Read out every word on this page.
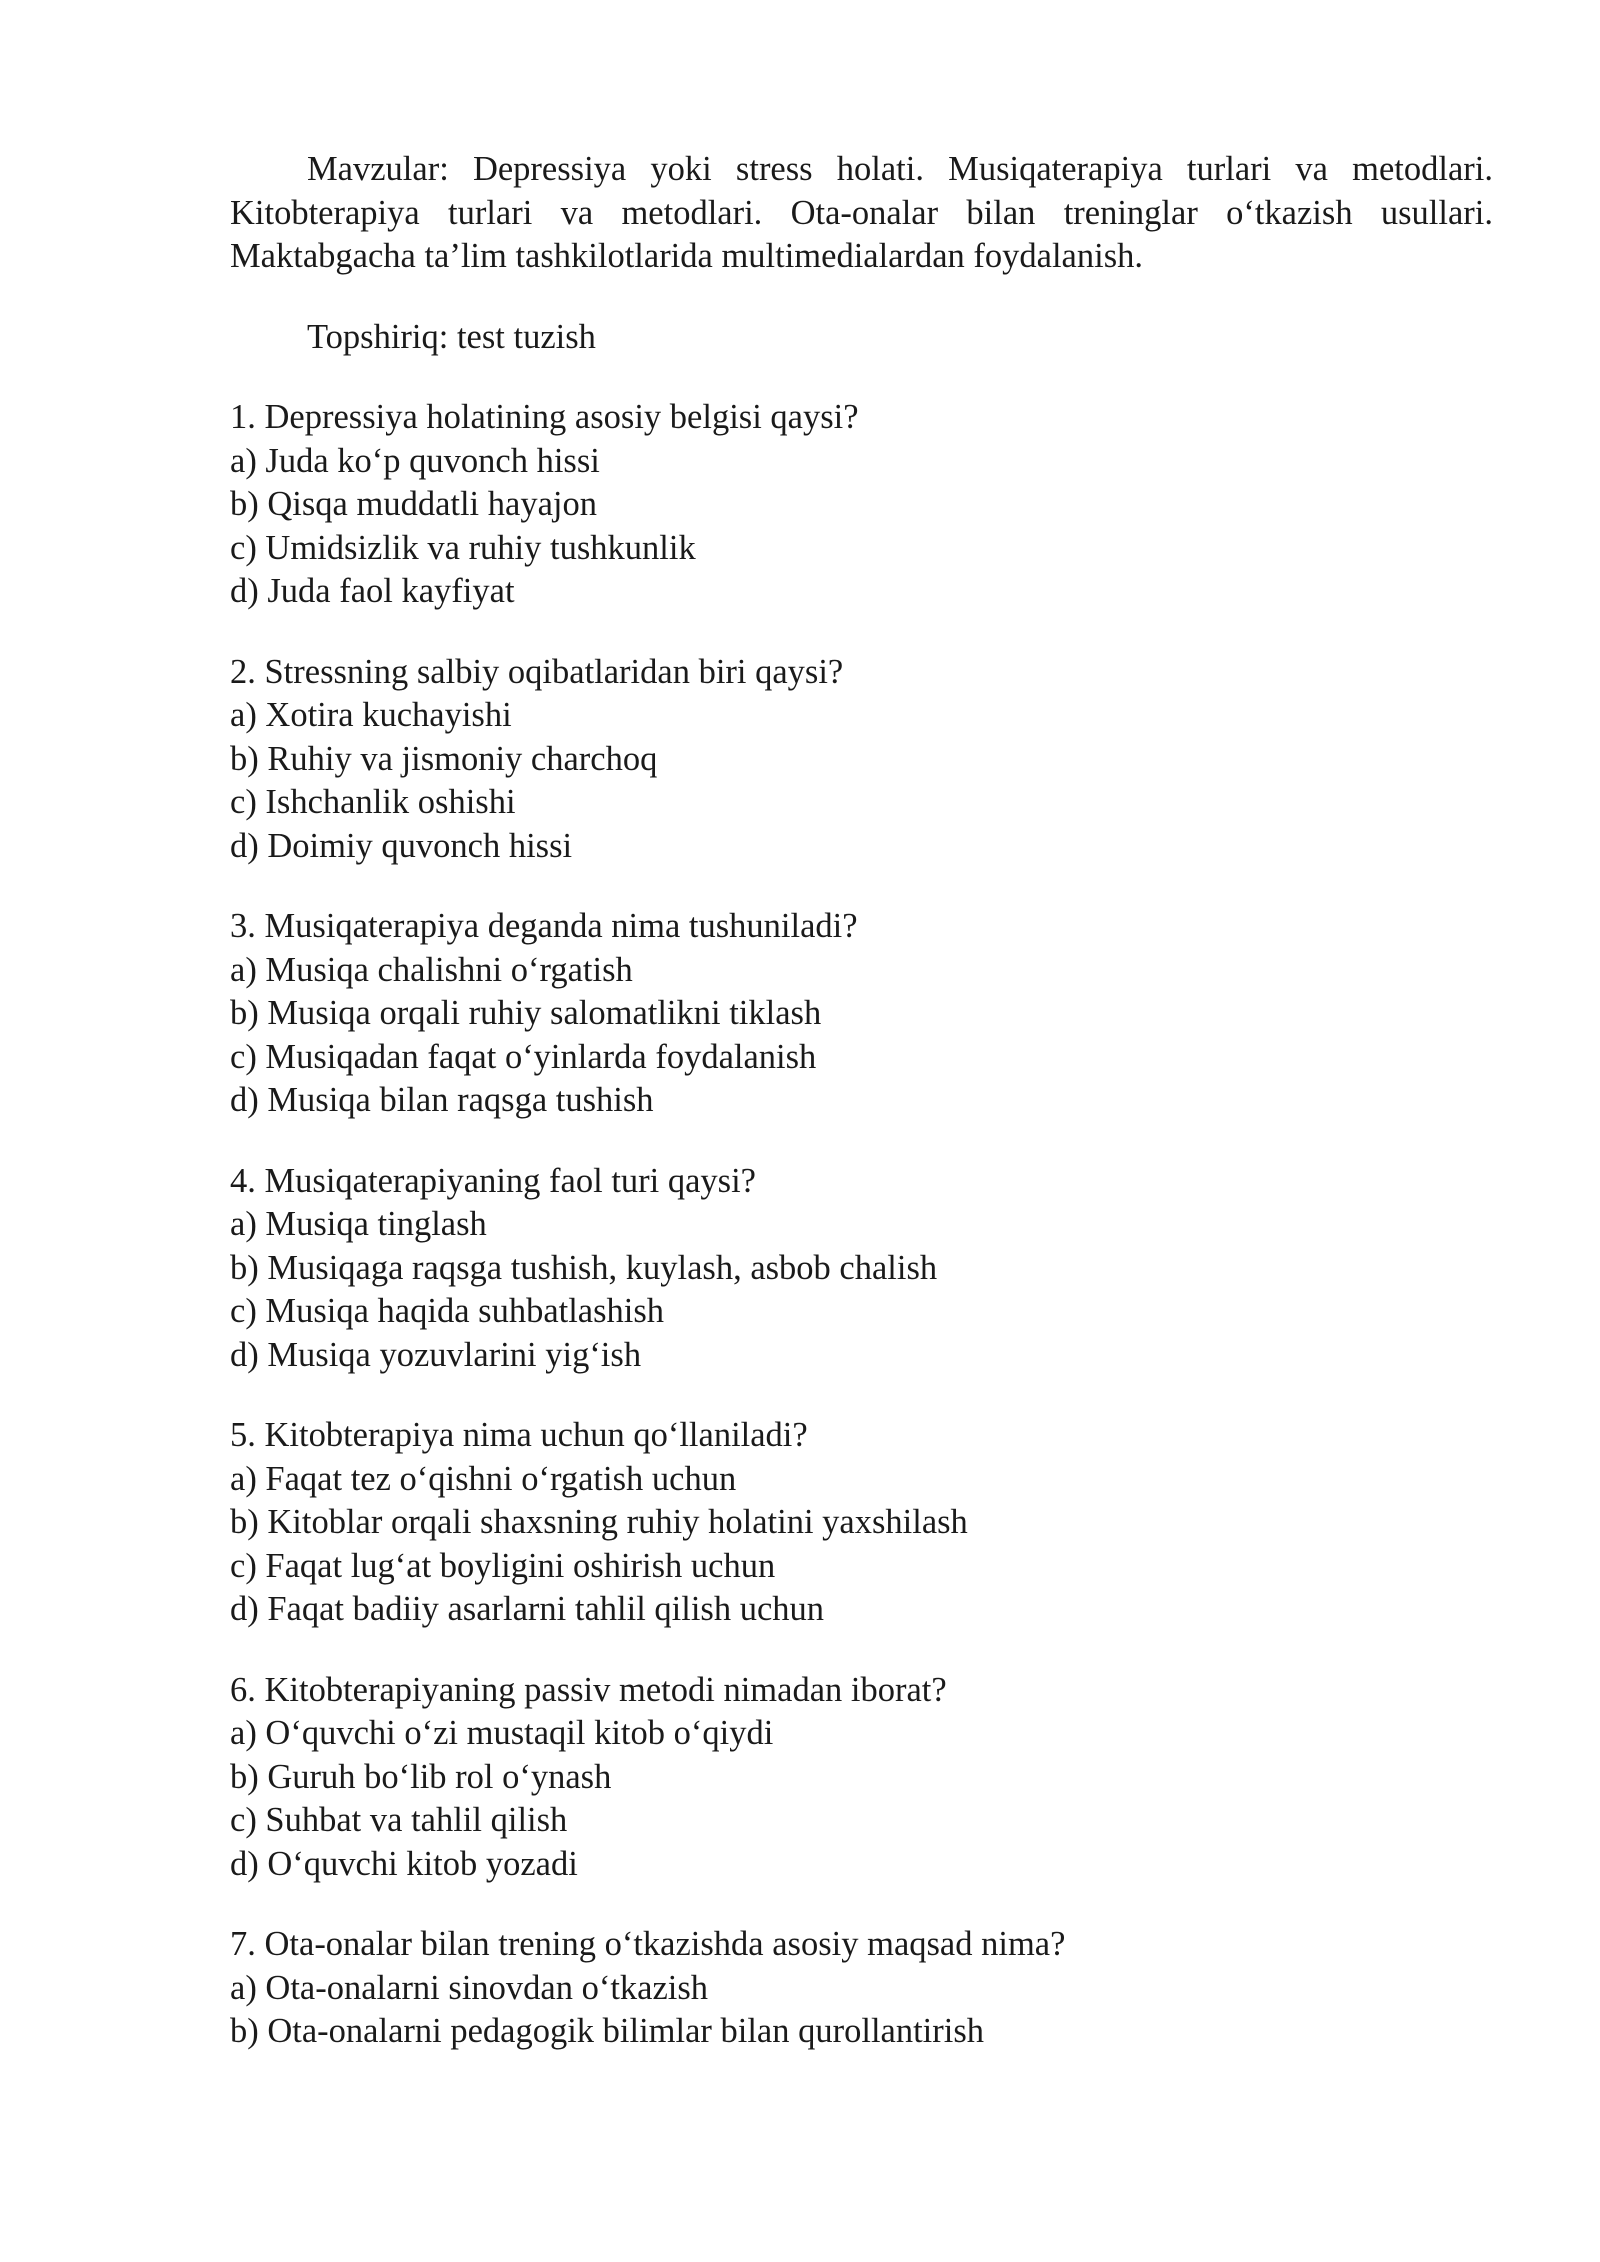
Mavzular: Depressiya yoki stress holati. Musiqaterapiya turlari va metodlari. Kitobterapiya turlari va metodlari. Ota-onalar bilan treninglar o‘tkazish usullari. Maktabgacha ta’lim tashkilotlarida multimedialardan foydalanish.

Topshiriq: test tuzish

1. Depressiya holatining asosiy belgisi qaysi?

a) Juda ko‘p quvonch hissi

b) Qisqa muddatli hayajon

c) Umidsizlik va ruhiy tushkunlik

d) Juda faol kayfiyat

2. Stressning salbiy oqibatlaridan biri qaysi?

a) Xotira kuchayishi

b) Ruhiy va jismoniy charchoq

c) Ishchanlik oshishi

d) Doimiy quvonch hissi

3. Musiqaterapiya deganda nima tushuniladi?

a) Musiqa chalishni o‘rgatish

b) Musiqa orqali ruhiy salomatlikni tiklash

c) Musiqadan faqat o‘yinlarda foydalanish

d) Musiqa bilan raqsga tushish

4. Musiqaterapiyaning faol turi qaysi?

a) Musiqa tinglash

b) Musiqaga raqsga tushish, kuylash, asbob chalish

c) Musiqa haqida suhbatlashish

d) Musiqa yozuvlarini yig‘ish

5. Kitobterapiya nima uchun qo‘llaniladi?

a) Faqat tez o‘qishni o‘rgatish uchun

b) Kitoblar orqali shaxsning ruhiy holatini yaxshilash

c) Faqat lug‘at boyligini oshirish uchun

d) Faqat badiiy asarlarni tahlil qilish uchun

6. Kitobterapiyaning passiv metodi nimadan iborat?

a) O‘quvchi o‘zi mustaqil kitob o‘qiydi

b) Guruh bo‘lib rol o‘ynash

c) Suhbat va tahlil qilish

d) O‘quvchi kitob yozadi

7. Ota-onalar bilan trening o‘tkazishda asosiy maqsad nima?

a) Ota-onalarni sinovdan o‘tkazish

b) Ota-onalarni pedagogik bilimlar bilan qurollantirish
